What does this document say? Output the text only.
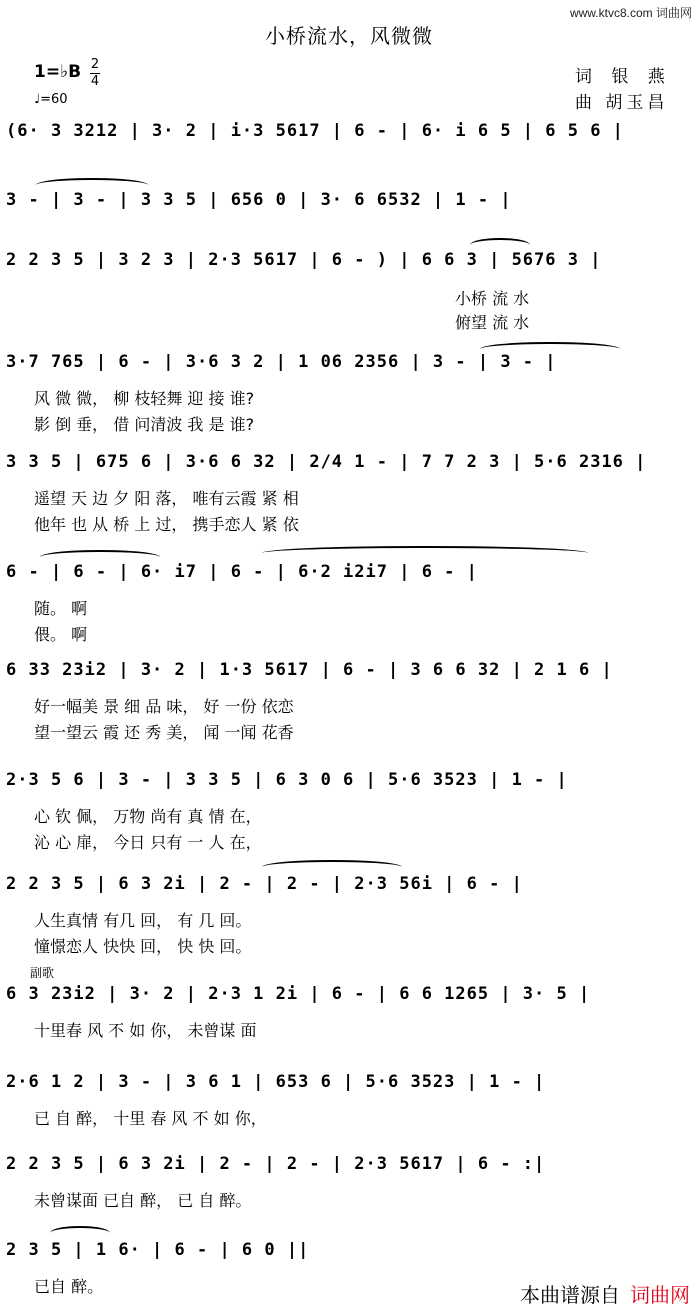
www.ktvc8.com 词曲网
小桥流水，风微微
1=♭B 2
4
♩=60
词 银 燕
曲 胡玉昌
(6· 3 3212 | 3· 2 | i·3 5617 | 6 - | 6· i 6 5 | 6 5 6 |
3 - | 3 - | 3 3 5 | 656 0 | 3· 6 6532 | 1 - |
2 2 3 5 | 3 2 3 | 2·3 5617 | 6 - ) | 6 6 3 | 5676 3 |
小桥 流 水
俯望 流 水
3·7 765 | 6 - | 3·6 3 2 | 1 06 2356 | 3 - | 3 - |
风 微 微， 柳 枝轻舞 迎 接 谁?
影 倒 垂， 借 问清波 我 是 谁?
3 3 5 | 675 6 | 3·6 6 32 | 2/4 1 - | 7 7 2 3 | 5·6 2316 |
遥望 天 边 夕 阳 落， 唯有云霞 紧 相
他年 也 从 桥 上 过， 携手恋人 紧 依
6 - | 6 - | 6· i7 | 6 - | 6·2 i2i7 | 6 - |
随。 啊
偎。 啊
6 33 23i2 | 3· 2 | 1·3 5617 | 6 - | 3 6 6 32 | 2 1 6 |
好一幅美 景 细 品 味， 好 一份 依恋
望一望云 霞 还 秀 美， 闻 一闻 花香
2·3 5 6 | 3 - | 3 3 5 | 6 3 0 6 | 5·6 3523 | 1 - |
心 钦 佩， 万物 尚有 真 情 在，
沁 心 扉， 今日 只有 一 人 在，
2 2 3 5 | 6 3 2i | 2 - | 2 - | 2·3 56i | 6 - |
人生真情 有几 回， 有 几 回。
憧憬恋人 快快 回， 快 快 回。
副歌
6 3 23i2 | 3· 2 | 2·3 1 2i | 6 - | 6 6 1265 | 3· 5 |
十里春 风 不 如 你， 未曾谋 面
2·6 1 2 | 3 - | 3 6 1 | 653 6 | 5·6 3523 | 1 - |
已 自 醉， 十里 春 风 不 如 你，
2 2 3 5 | 6 3 2i | 2 - | 2 - | 2·3 5617 | 6 - :|
未曾谋面 已自 醉， 已 自 醉。
2 3 5 | 1 6· | 6 - | 6 0 ||
已自 醉。	本曲谱源自 词曲网
